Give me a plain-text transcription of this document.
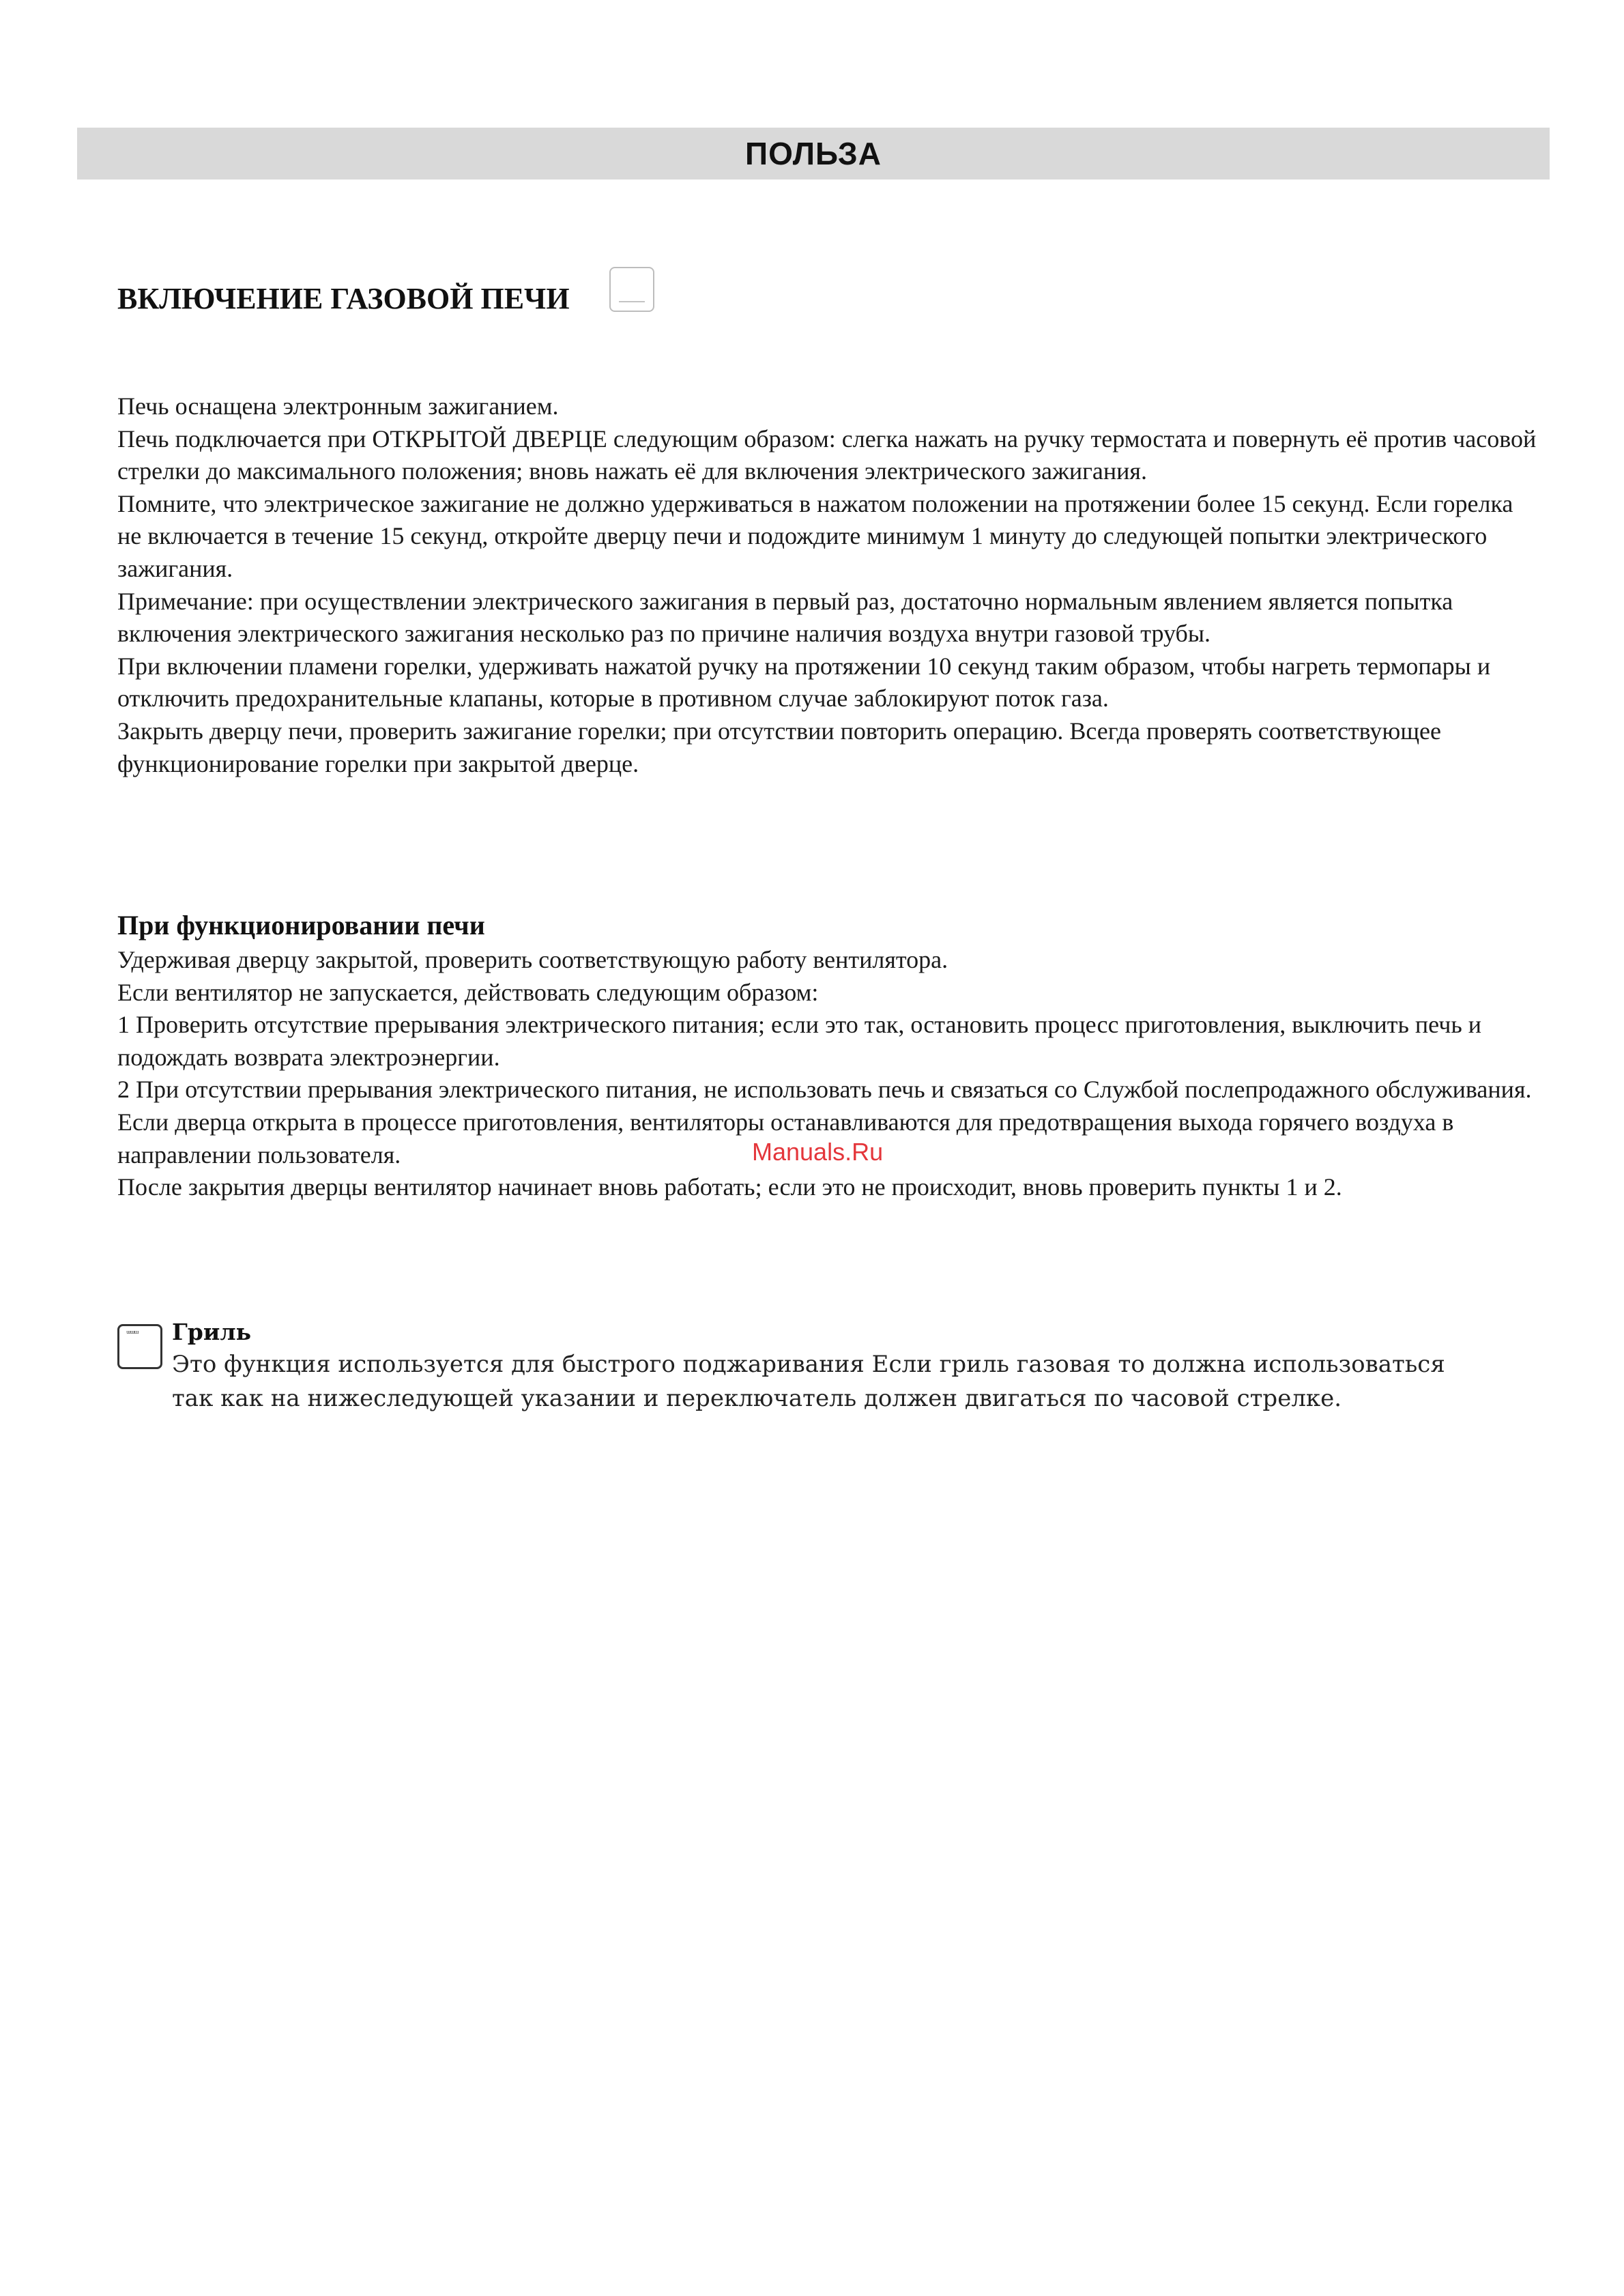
ПОЛЬЗА
ВКЛЮЧЕНИЕ ГАЗОВОЙ ПЕЧИ

Печь оснащена электронным зажиганием.

Печь подключается при ОТКРЫТОЙ ДВЕРЦЕ следующим образом: слегка нажать на ручку термостата и повернуть её против часовой стрелки до максимального положения; вновь нажать её для включения электрического зажигания.

Помните, что электрическое зажигание не должно удерживаться в нажатом положении на протяжении более 15 секунд. Если горелка не включается в течение 15 секунд, откройте дверцу печи и подождите минимум 1 минуту до следующей попытки электрического зажигания.

Примечание: при осуществлении электрического зажигания в первый раз, достаточно нормальным явлением является попытка включения электрического зажигания несколько раз по причине наличия воздуха внутри газовой трубы.

При включении пламени горелки, удерживать нажатой ручку на протяжении 10 секунд таким образом, чтобы нагреть термопары и отключить предохранительные клапаны, которые в противном случае заблокируют поток газа.

Закрыть дверцу печи, проверить зажигание горелки; при отсутствии повторить операцию. Всегда проверять соответствующее функционирование горелки при закрытой дверце.

При функционировании печи

Удерживая дверцу закрытой, проверить соответствующую работу вентилятора.

Если вентилятор не запускается, действовать следующим образом:

1 Проверить отсутствие прерывания электрического питания; если это так, остановить процесс приготовления, выключить печь и подождать возврата электроэнергии.

2 При отсутствии прерывания электрического питания, не использовать печь и связаться со Службой послепродажного обслуживания.

Если дверца открыта в процессе приготовления, вентиляторы останавливаются для предотвращения выхода горячего воздуха в направлении пользователя.

После закрытия дверцы вентилятор начинает вновь работать; если это не происходит, вновь проверить пункты 1 и 2.

Manuals.Ru
ᵚᵚᵚ
Гриль
Это функция используется для быстрого поджаривания Если гриль газовая то должна использоваться
так как на нижеследующей указании и переключатель должен двигаться по часовой стрелке.
